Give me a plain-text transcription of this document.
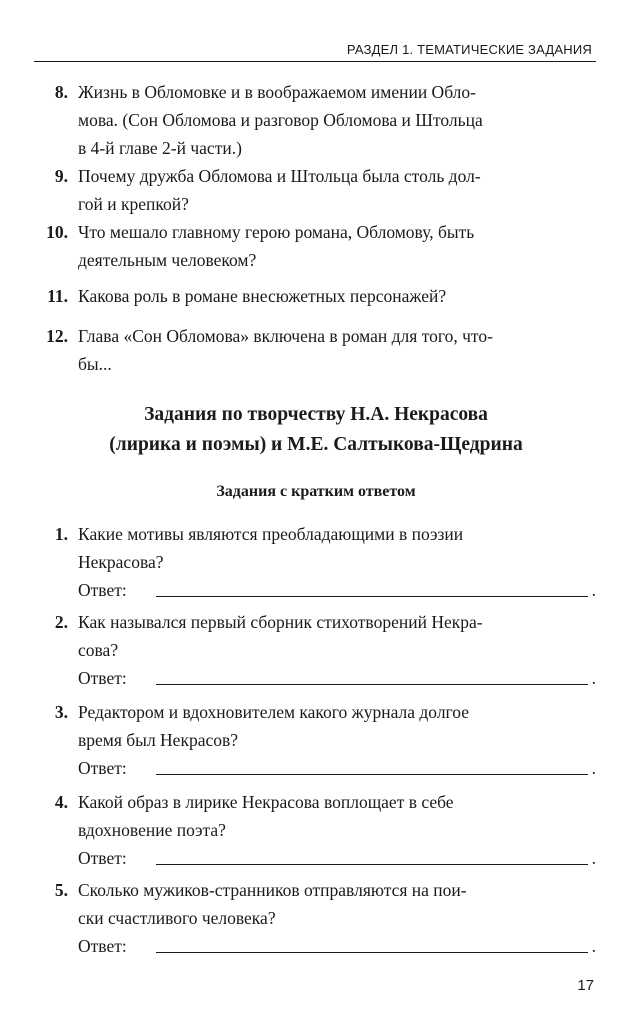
РАЗДЕЛ 1. ТЕМАТИЧЕСКИЕ ЗАДАНИЯ
8. Жизнь в Обломовке и в воображаемом имении Обло-
мова. (Сон Обломова и разговор Обломова и Штольца
в 4-й главе 2-й части.)
9. Почему дружба Обломова и Штольца была столь дол-
гой и крепкой?
10. Что мешало главному герою романа, Обломову, быть
деятельным человеком?
11. Какова роль в романе внесюжетных персонажей?
12. Глава «Сон Обломова» включена в роман для того, что-
бы...
Задания по творчеству Н.А. Некрасова
(лирика и поэмы) и М.Е. Салтыкова-Щедрина
Задания с кратким ответом
1. Какие мотивы являются преобладающими в поэзии
Некрасова?
Ответ:	.
2. Как назывался первый сборник стихотворений Некра-
сова?
Ответ:	.
3. Редактором и вдохновителем какого журнала долгое
время был Некрасов?
Ответ:	.
4. Какой образ в лирике Некрасова воплощает в себе
вдохновение поэта?
Ответ:	.
5. Сколько мужиков-странников отправляются на пои-
ски счастливого человека?
Ответ:	.
17
